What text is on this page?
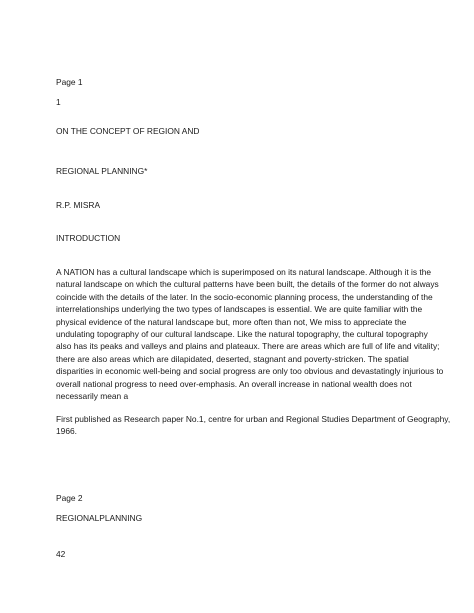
Page 1

1

ON THE CONCEPT OF REGION AND

REGIONAL PLANNING*

R.P. MISRA

INTRODUCTION

A NATION has a cultural landscape which is superimposed on its natural landscape. Although it is the
natural landscape on which the cultural patterns have been built, the details of the former do not always
coincide with the details of the later. In the socio-economic planning process, the understanding of the
interrelationships underlying the two types of landscapes is essential. We are quite familiar with the
physical evidence of the natural landscape but, more often than not, We miss to appreciate the
undulating topography of our cultural landscape. Like the natural topography, the cultural topography
also has its peaks and valleys and plains and plateaux. There are areas which are full of life and vitality;
there are also areas which are dilapidated, deserted, stagnant and poverty-stricken. The spatial
disparities in economic well-being and social progress are only too obvious and devastatingly injurious to
overall national progress to need over-emphasis. An overall increase in national wealth does not
necessarily mean a
First published as Research paper No.1, centre for urban and Regional Studies Department of Geography,
1966.

Page 2

REGIONALPLANNING

42
